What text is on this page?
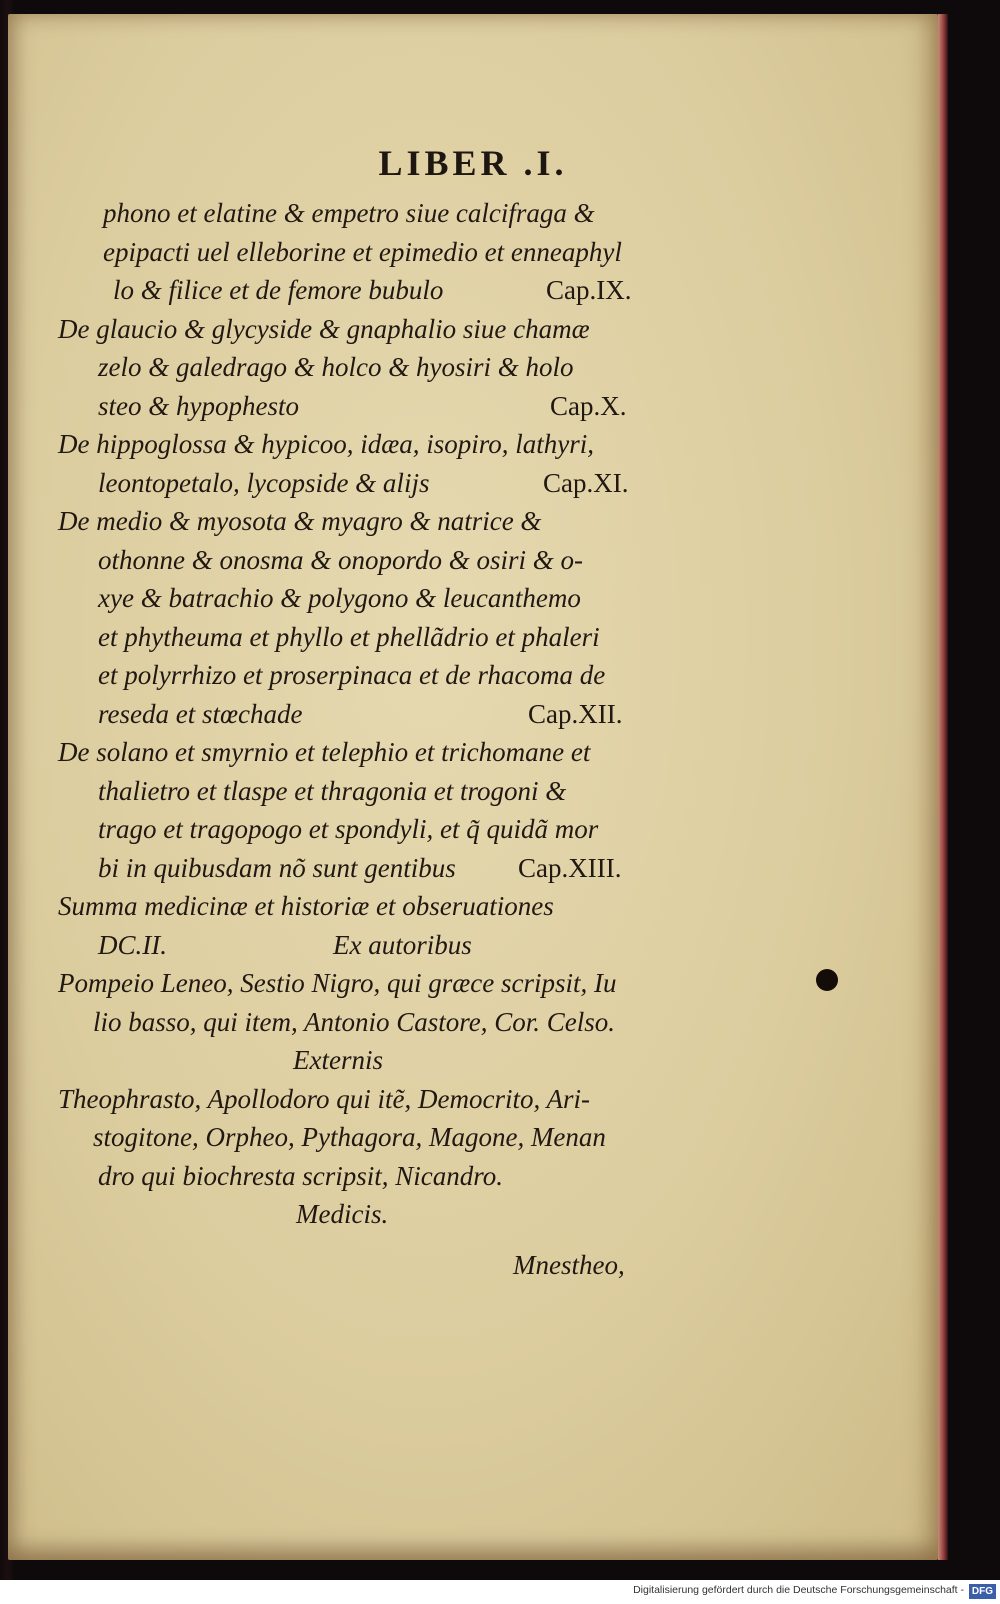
LIBER .I.
phono et elatine & empetro siue calcifraga &
epipacti uel elleborine et epimedio et enneaphyl
lo & filice et de femore bubulo	Cap.IX.
De glaucio & glycyside & gnaphalio siue chamæ
zelo & galedrago & holco & hyosiri & holo
steo & hypophesto	Cap.X.
De hippoglossa & hypicoo, idæa, isopiro, lathyri,
leontopetalo, lycopside & alijs	Cap.XI.
De medio & myosota & myagro & natrice &
othonne & onosma & onopordo & osiri & o-
xye & batrachio & polygono & leucanthemo
et phytheuma et phyllo et phellãdrio et phaleri
et polyrrhizo et proserpinaca et de rhacoma de
reseda et stœchade	Cap.XII.
De solano et smyrnio et telephio et trichomane et
thalietro et tlaspe et thragonia et trogoni &
trago et tragopogo et spondyli, et q̃ quidã mor
bi in quibusdam nõ sunt gentibus Cap.XIII.
Summa medicinæ et historiæ et obseruationes
DC.II.	Ex autoribus
Pompeio Leneo, Sestio Nigro, qui græce scripsit, Iu
lio basso, qui item, Antonio Castore, Cor. Celso.
Externis
Theophrasto, Apollodoro qui itẽ, Democrito, Ari-
stogitone, Orpheo, Pythagora, Magone, Menan
dro qui biochresta scripsit, Nicandro.
Medicis.
Mnestheo,
Digitalisierung gefördert durch die Deutsche Forschungsgemeinschaft - DFG
